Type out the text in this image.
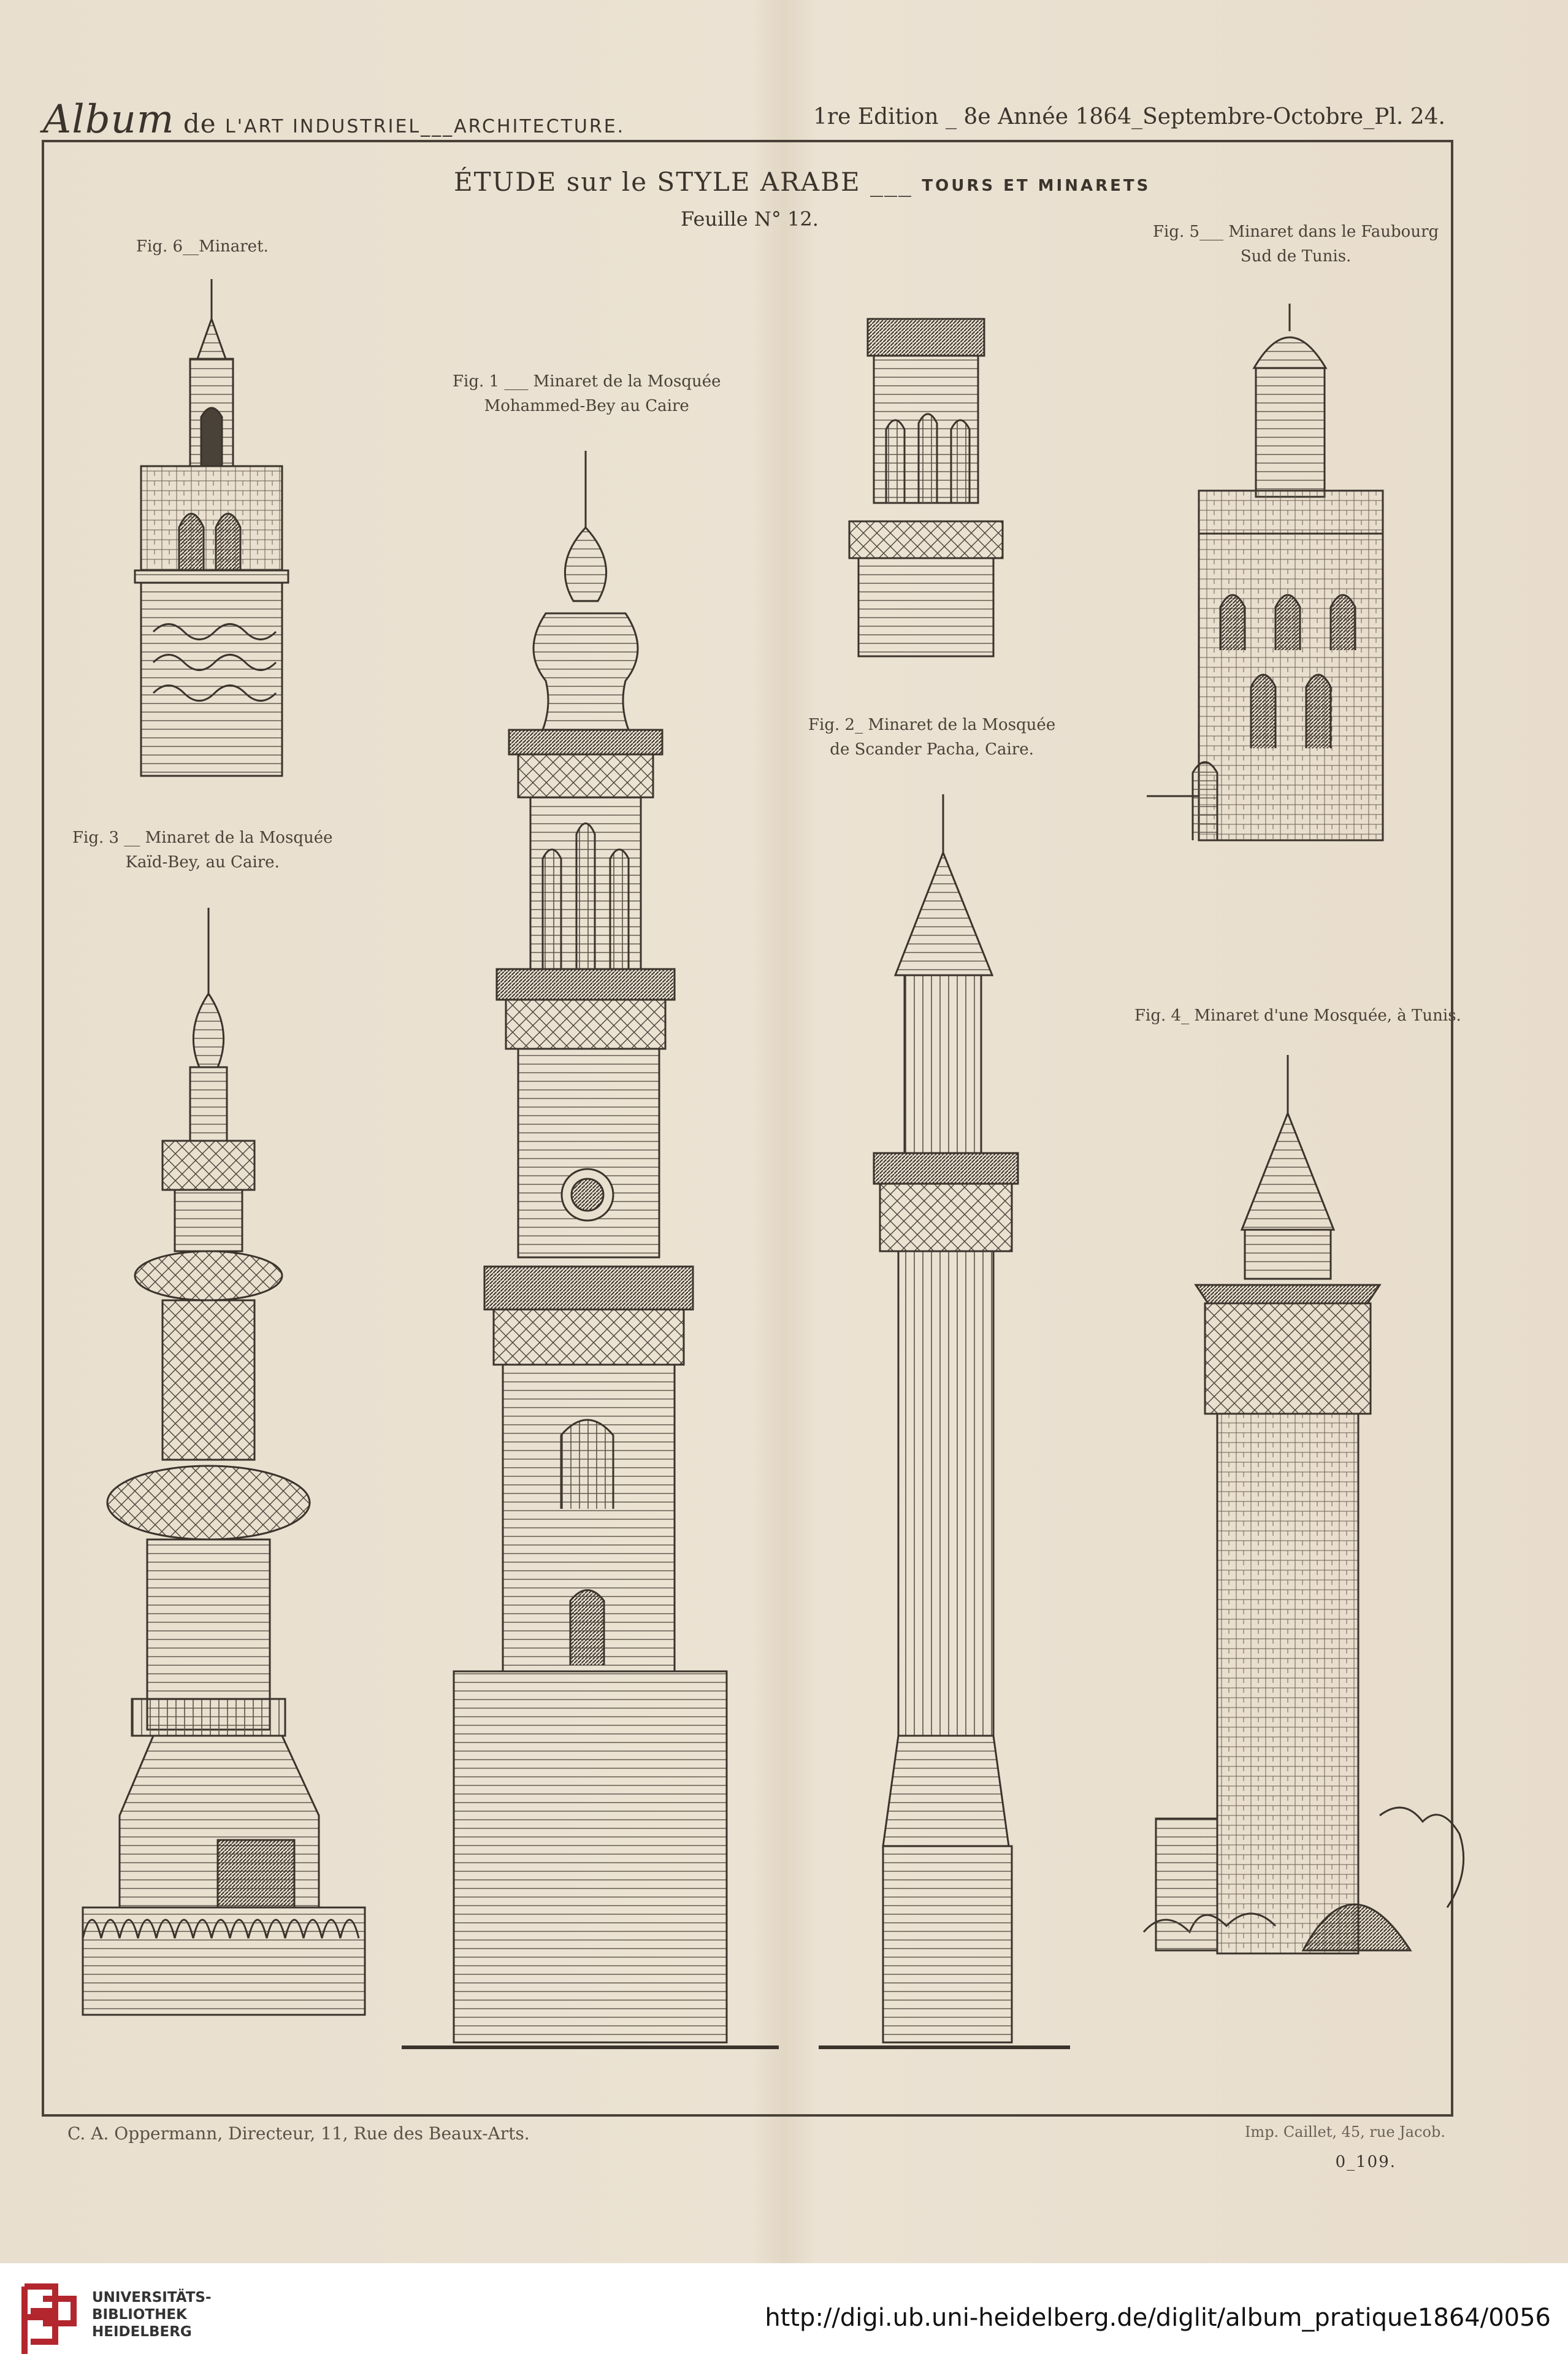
Album de L'ART INDUSTRIEL___ARCHITECTURE.	1re Edition _ 8e Année 1864_Septembre-Octobre_Pl. 24.
ÉTUDE sur le STYLE ARABE ___ TOURS ET MINARETS
Feuille N° 12.
Fig. 6__Minaret.
Fig. 1 ___ Minaret de la Mosquée
Mohammed-Bey au Caire
Fig. 5___ Minaret dans le Faubourg
Sud de Tunis.
Fig. 2_ Minaret de la Mosquée
de Scander Pacha, Caire.
Fig. 3 __ Minaret de la Mosquée
Kaïd-Bey, au Caire.
Fig. 4_ Minaret d'une Mosquée, à Tunis.
C. A. Oppermann, Directeur, 11, Rue des Beaux-Arts.	Imp. Caillet, 45, rue Jacob.
0_109.
UNIVERSITÄTS-
BIBLIOTHEK
HEIDELBERG	http://digi.ub.uni-heidelberg.de/diglit/album_pratique1864/0056
